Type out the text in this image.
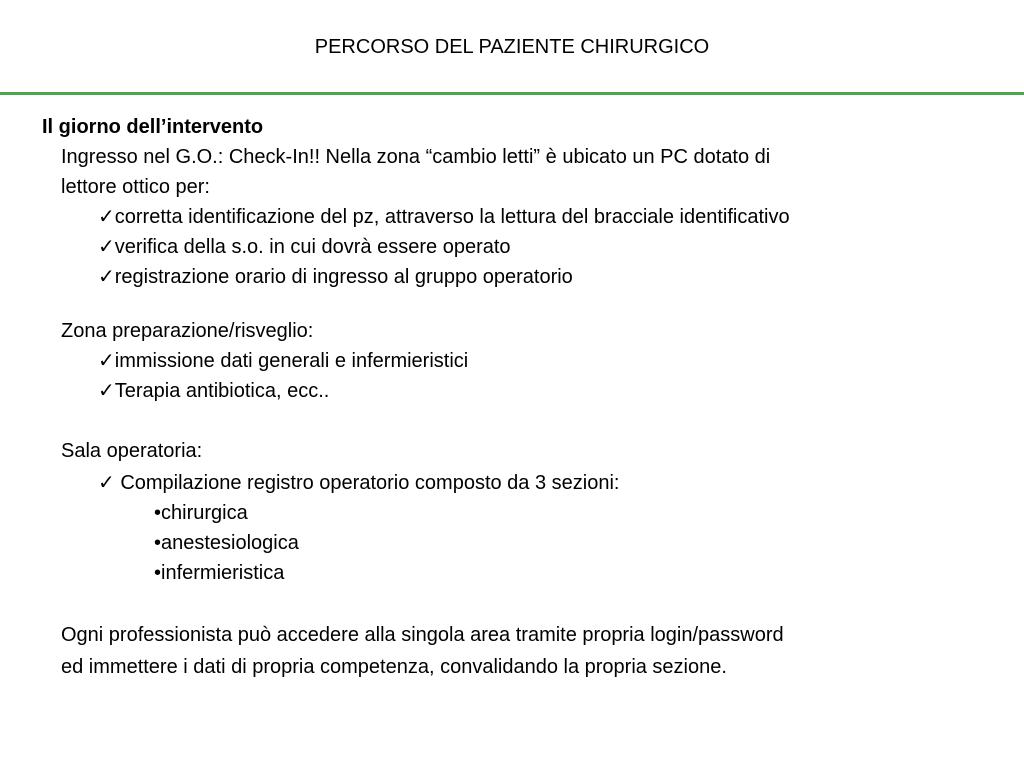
PERCORSO DEL PAZIENTE CHIRURGICO
Il giorno dell’intervento
Ingresso nel G.O.: Check-In!! Nella zona “cambio letti” è ubicato un PC dotato di
lettore ottico per:
✓corretta identificazione del pz, attraverso la lettura del bracciale identificativo
✓verifica della s.o. in cui dovrà essere operato
✓registrazione orario di ingresso al gruppo operatorio
Zona preparazione/risveglio:
✓immissione dati generali e infermieristici
✓Terapia antibiotica, ecc..
Sala operatoria:
✓ Compilazione registro operatorio composto da 3 sezioni:
•chirurgica
•anestesiologica
•infermieristica
Ogni professionista può accedere alla singola area tramite propria login/password
ed immettere i dati di propria competenza, convalidando la propria sezione.
